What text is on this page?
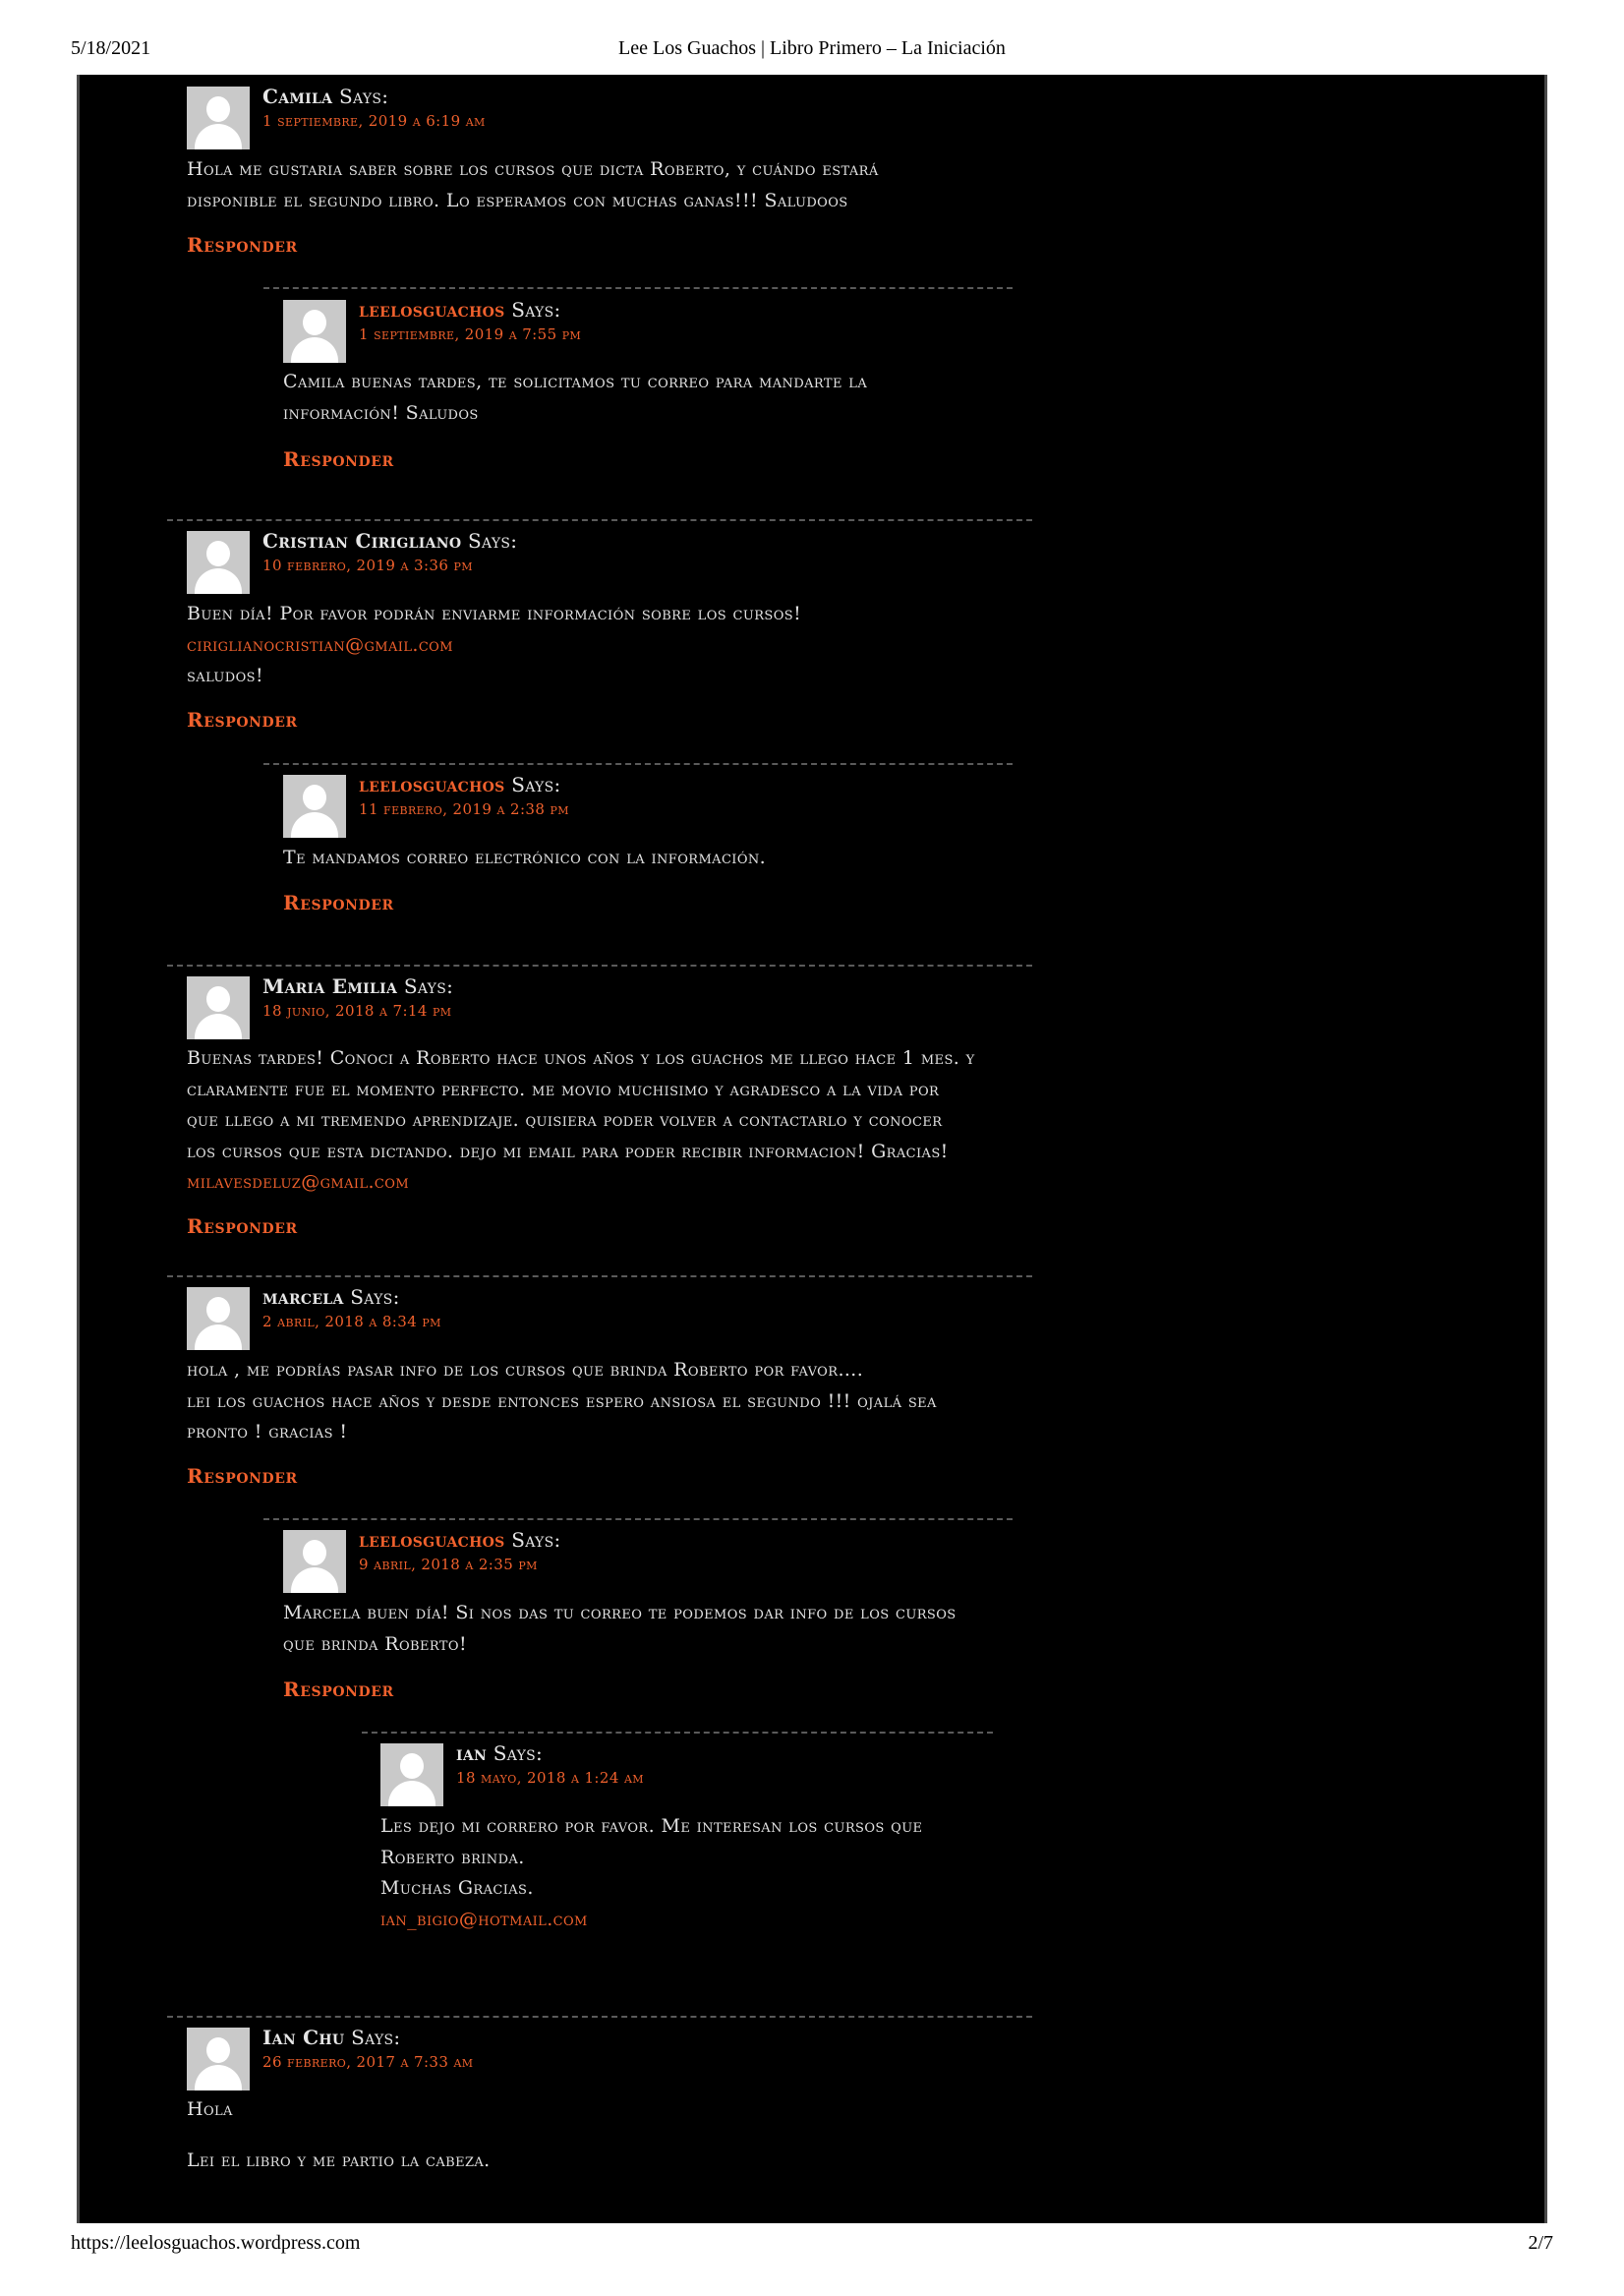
5/18/2021	Lee Los Guachos | Libro Primero – La Iniciación
Camila Says:
1 septiembre, 2019 a 6:19 am
Hola me gustaria saber sobre los cursos que dicta Roberto, y cuándo estará
disponible el segundo libro. Lo esperamos con muchas ganas!!! Saludoos
Responder
leelosguachos Says:
1 septiembre, 2019 a 7:55 pm
Camila buenas tardes, te solicitamos tu correo para mandarte la
información! Saludos
Responder
Cristian Cirigliano Says:
10 febrero, 2019 a 3:36 pm
Buen día! Por favor podrán enviarme información sobre los cursos!
ciriglianocristian@gmail.com
saludos!
Responder
leelosguachos Says:
11 febrero, 2019 a 2:38 pm
Te mandamos correo electrónico con la información.
Responder
Maria Emilia Says:
18 junio, 2018 a 7:14 pm
Buenas tardes! Conoci a Roberto hace unos años y los guachos me llego hace 1 mes. y
claramente fue el momento perfecto. me movio muchisimo y agradesco a la vida por
que llego a mi tremendo aprendizaje. quisiera poder volver a contactarlo y conocer
los cursos que esta dictando. dejo mi email para poder recibir informacion! Gracias!
milavesdeluz@gmail.com
Responder
marcela Says:
2 abril, 2018 a 8:34 pm
hola , me podrías pasar info de los cursos que brinda Roberto por favor….
lei los guachos hace años y desde entonces espero ansiosa el segundo !!! ojalá sea
pronto ! gracias !
Responder
leelosguachos Says:
9 abril, 2018 a 2:35 pm
Marcela buen día! Si nos das tu correo te podemos dar info de los cursos
que brinda Roberto!
Responder
ian Says:
18 mayo, 2018 a 1:24 am
Les dejo mi correro por favor. Me interesan los cursos que
Roberto brinda.
Muchas Gracias.
ian_bigio@hotmail.com
Ian Chu Says:
26 febrero, 2017 a 7:33 am
Hola
Lei el libro y me partio la cabeza.
https://leelosguachos.wordpress.com	2/7
